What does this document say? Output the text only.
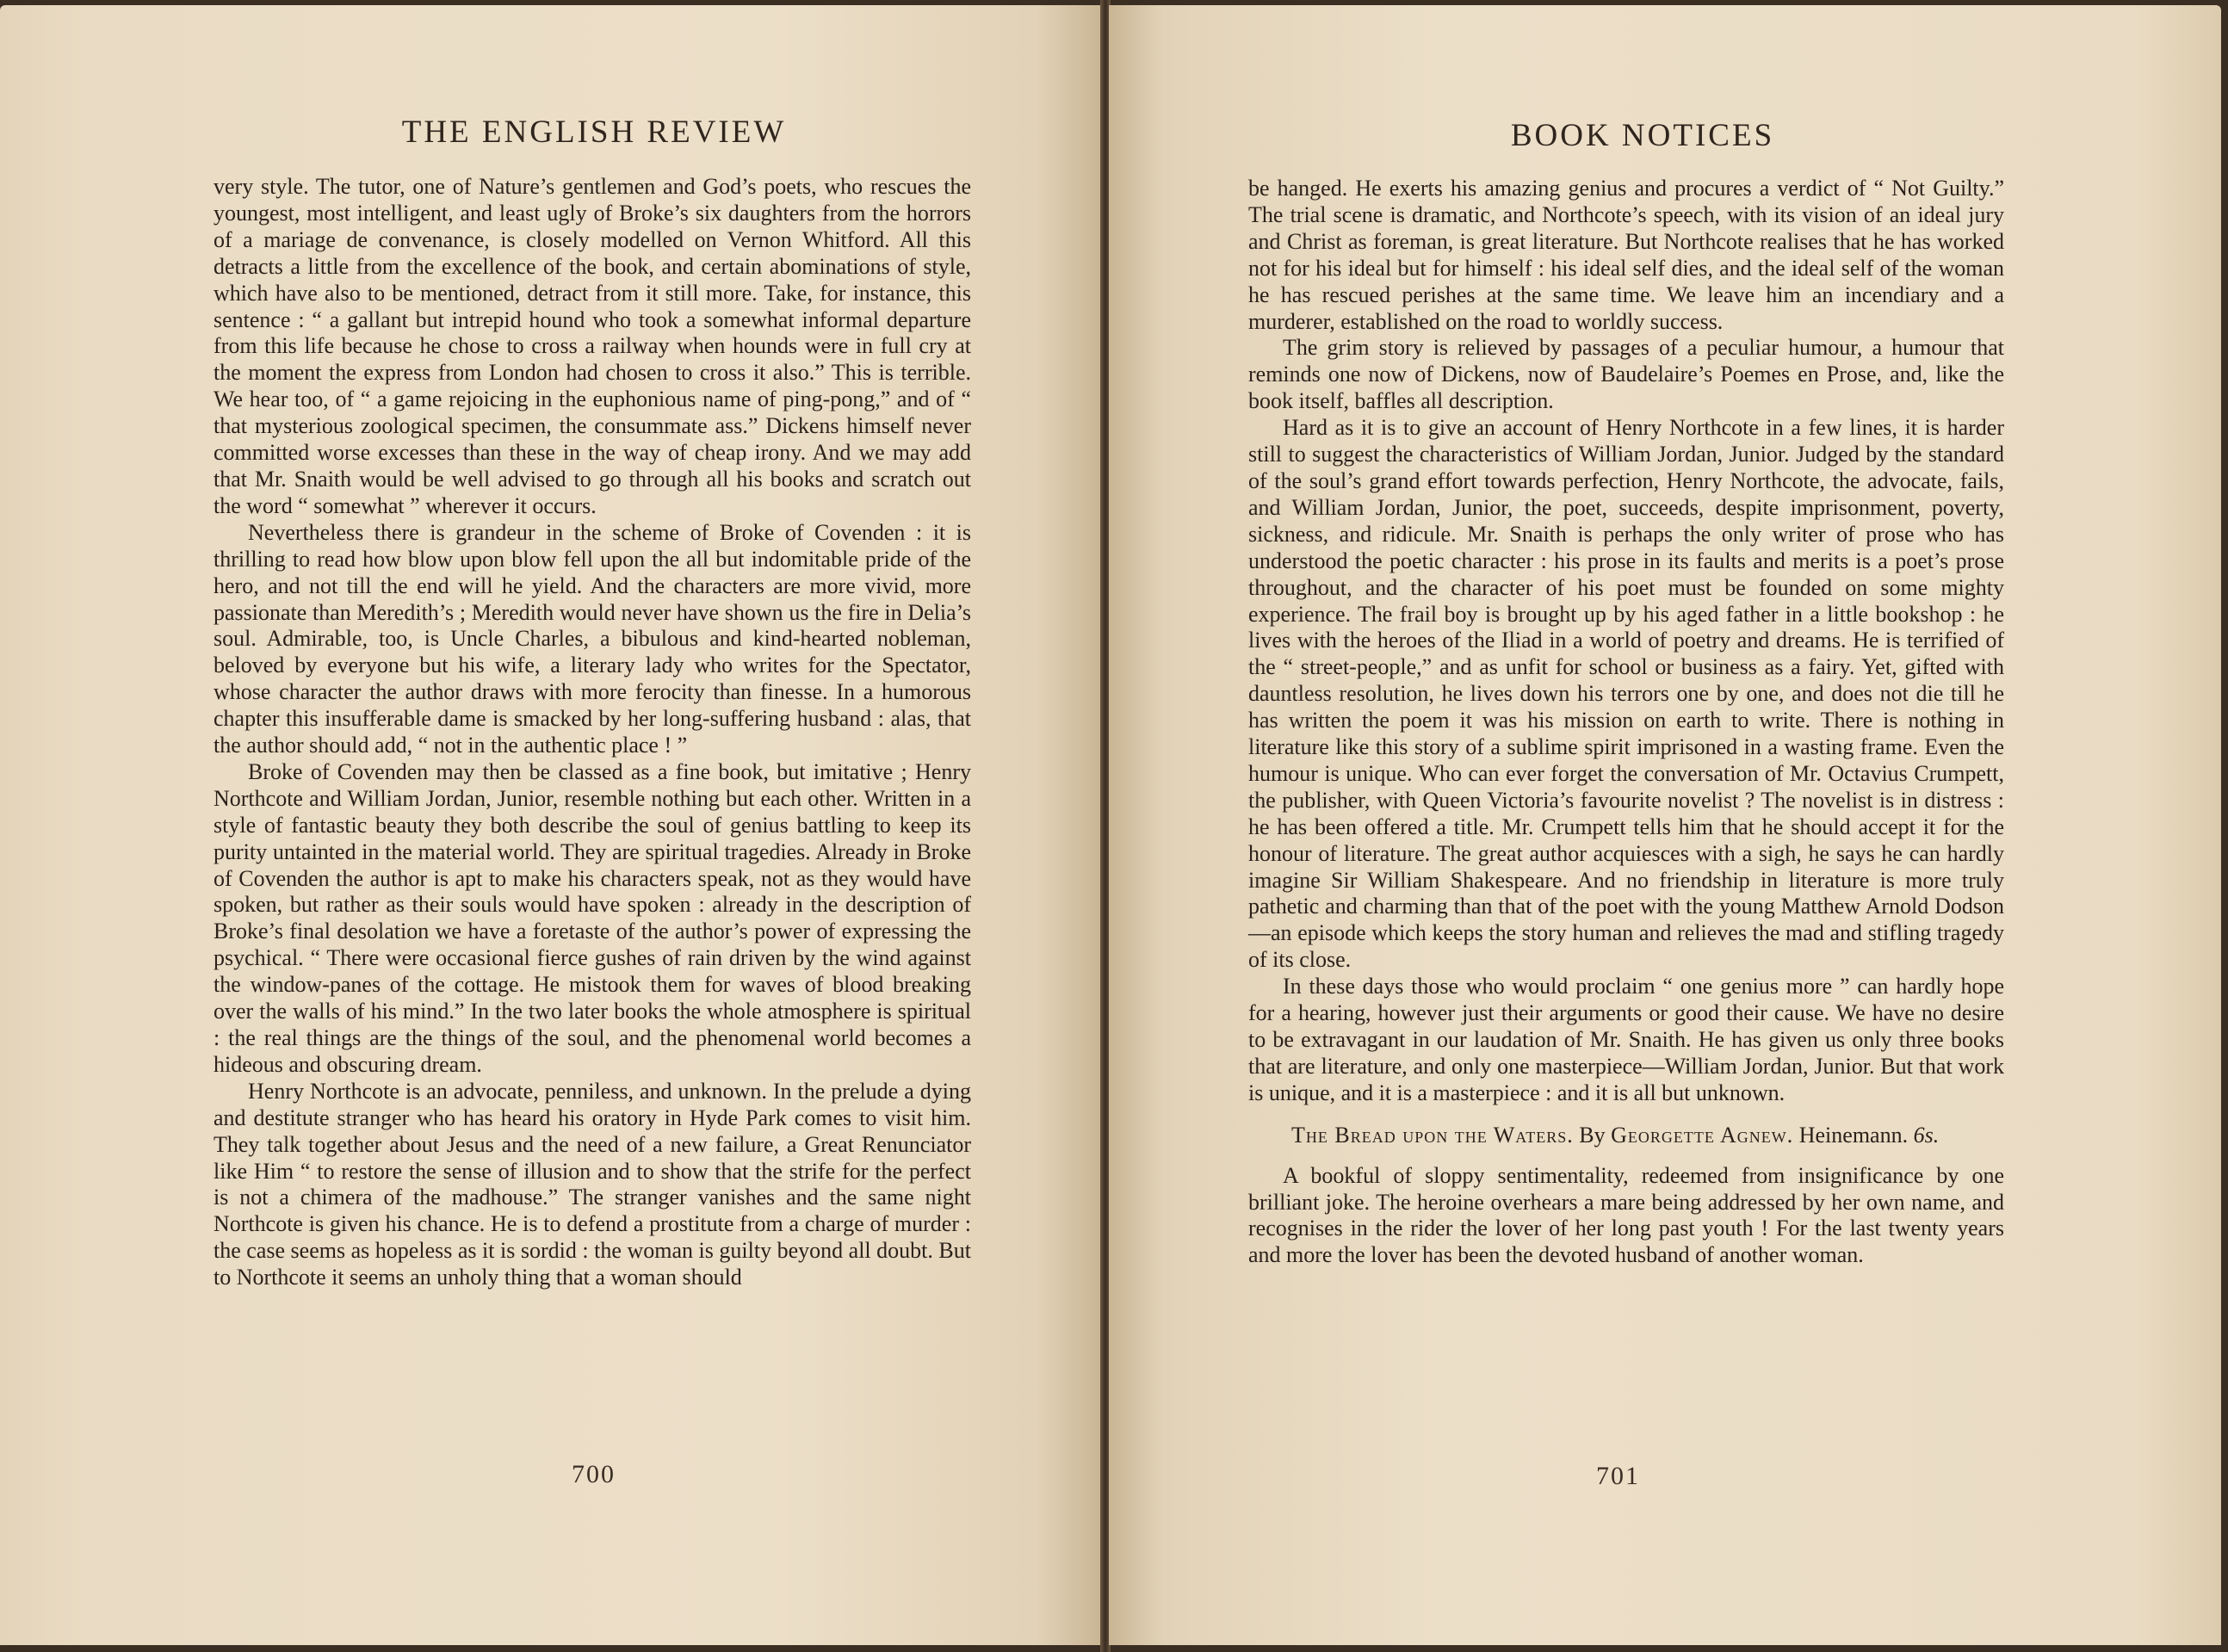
THE ENGLISH REVIEW

very style. The tutor, one of Nature’s gentlemen and God’s poets, who rescues the youngest, most intelligent, and least ugly of Broke’s six daughters from the horrors of a mariage de convenance, is closely modelled on Vernon Whitford. All this detracts a little from the excellence of the book, and certain abominations of style, which have also to be mentioned, detract from it still more. Take, for instance, this sentence : “ a gallant but intrepid hound who took a somewhat informal departure from this life because he chose to cross a railway when hounds were in full cry at the moment the express from London had chosen to cross it also.” This is terrible. We hear too, of “ a game rejoicing in the euphonious name of ping-pong,” and of “ that mysterious zoological specimen, the consummate ass.” Dickens himself never committed worse excesses than these in the way of cheap irony. And we may add that Mr. Snaith would be well advised to go through all his books and scratch out the word “ somewhat ” wherever it occurs.

Nevertheless there is grandeur in the scheme of Broke of Covenden : it is thrilling to read how blow upon blow fell upon the all but indomitable pride of the hero, and not till the end will he yield. And the characters are more vivid, more passionate than Meredith’s ; Meredith would never have shown us the fire in Delia’s soul. Admirable, too, is Uncle Charles, a bibulous and kind-hearted nobleman, beloved by everyone but his wife, a literary lady who writes for the Spectator, whose character the author draws with more ferocity than finesse. In a humorous chapter this insufferable dame is smacked by her long-suffering husband : alas, that the author should add, “ not in the authentic place ! ”

Broke of Covenden may then be classed as a fine book, but imitative ; Henry Northcote and William Jordan, Junior, resemble nothing but each other. Written in a style of fantastic beauty they both describe the soul of genius battling to keep its purity untainted in the material world. They are spiritual tragedies. Already in Broke of Covenden the author is apt to make his characters speak, not as they would have spoken, but rather as their souls would have spoken : already in the description of Broke’s final desolation we have a foretaste of the author’s power of expressing the psychical. “ There were occasional fierce gushes of rain driven by the wind against the window-panes of the cottage. He mistook them for waves of blood breaking over the walls of his mind.” In the two later books the whole atmosphere is spiritual : the real things are the things of the soul, and the phenomenal world becomes a hideous and obscuring dream.

Henry Northcote is an advocate, penniless, and unknown. In the prelude a dying and destitute stranger who has heard his oratory in Hyde Park comes to visit him. They talk together about Jesus and the need of a new failure, a Great Renunciator like Him “ to restore the sense of illusion and to show that the strife for the perfect is not a chimera of the madhouse.” The stranger vanishes and the same night Northcote is given his chance. He is to defend a prostitute from a charge of murder : the case seems as hopeless as it is sordid : the woman is guilty beyond all doubt. But to Northcote it seems an unholy thing that a woman should

700
BOOK NOTICES

be hanged. He exerts his amazing genius and procures a verdict of “ Not Guilty.” The trial scene is dramatic, and Northcote’s speech, with its vision of an ideal jury and Christ as foreman, is great literature. But Northcote realises that he has worked not for his ideal but for himself : his ideal self dies, and the ideal self of the woman he has rescued perishes at the same time. We leave him an incendiary and a murderer, established on the road to worldly success.

The grim story is relieved by passages of a peculiar humour, a humour that reminds one now of Dickens, now of Baudelaire’s Poemes en Prose, and, like the book itself, baffles all description.

Hard as it is to give an account of Henry Northcote in a few lines, it is harder still to suggest the characteristics of William Jordan, Junior. Judged by the standard of the soul’s grand effort towards perfection, Henry Northcote, the advocate, fails, and William Jordan, Junior, the poet, succeeds, despite imprisonment, poverty, sickness, and ridicule. Mr. Snaith is perhaps the only writer of prose who has understood the poetic character : his prose in its faults and merits is a poet’s prose throughout, and the character of his poet must be founded on some mighty experience. The frail boy is brought up by his aged father in a little bookshop : he lives with the heroes of the Iliad in a world of poetry and dreams. He is terrified of the “ street-people,” and as unfit for school or business as a fairy. Yet, gifted with dauntless resolution, he lives down his terrors one by one, and does not die till he has written the poem it was his mission on earth to write. There is nothing in literature like this story of a sublime spirit imprisoned in a wasting frame. Even the humour is unique. Who can ever forget the conversation of Mr. Octavius Crumpett, the publisher, with Queen Victoria’s favourite novelist ? The novelist is in distress : he has been offered a title. Mr. Crumpett tells him that he should accept it for the honour of literature. The great author acquiesces with a sigh, he says he can hardly imagine Sir William Shakespeare. And no friendship in literature is more truly pathetic and charming than that of the poet with the young Matthew Arnold Dodson—an episode which keeps the story human and relieves the mad and stifling tragedy of its close.

In these days those who would proclaim “ one genius more ” can hardly hope for a hearing, however just their arguments or good their cause. We have no desire to be extravagant in our laudation of Mr. Snaith. He has given us only three books that are literature, and only one masterpiece—William Jordan, Junior. But that work is unique, and it is a masterpiece : and it is all but unknown.

The Bread upon the Waters. By Georgette Agnew. Heinemann. 6s.

A bookful of sloppy sentimentality, redeemed from insignificance by one brilliant joke. The heroine overhears a mare being addressed by her own name, and recognises in the rider the lover of her long past youth ! For the last twenty years and more the lover has been the devoted husband of another woman.

701
